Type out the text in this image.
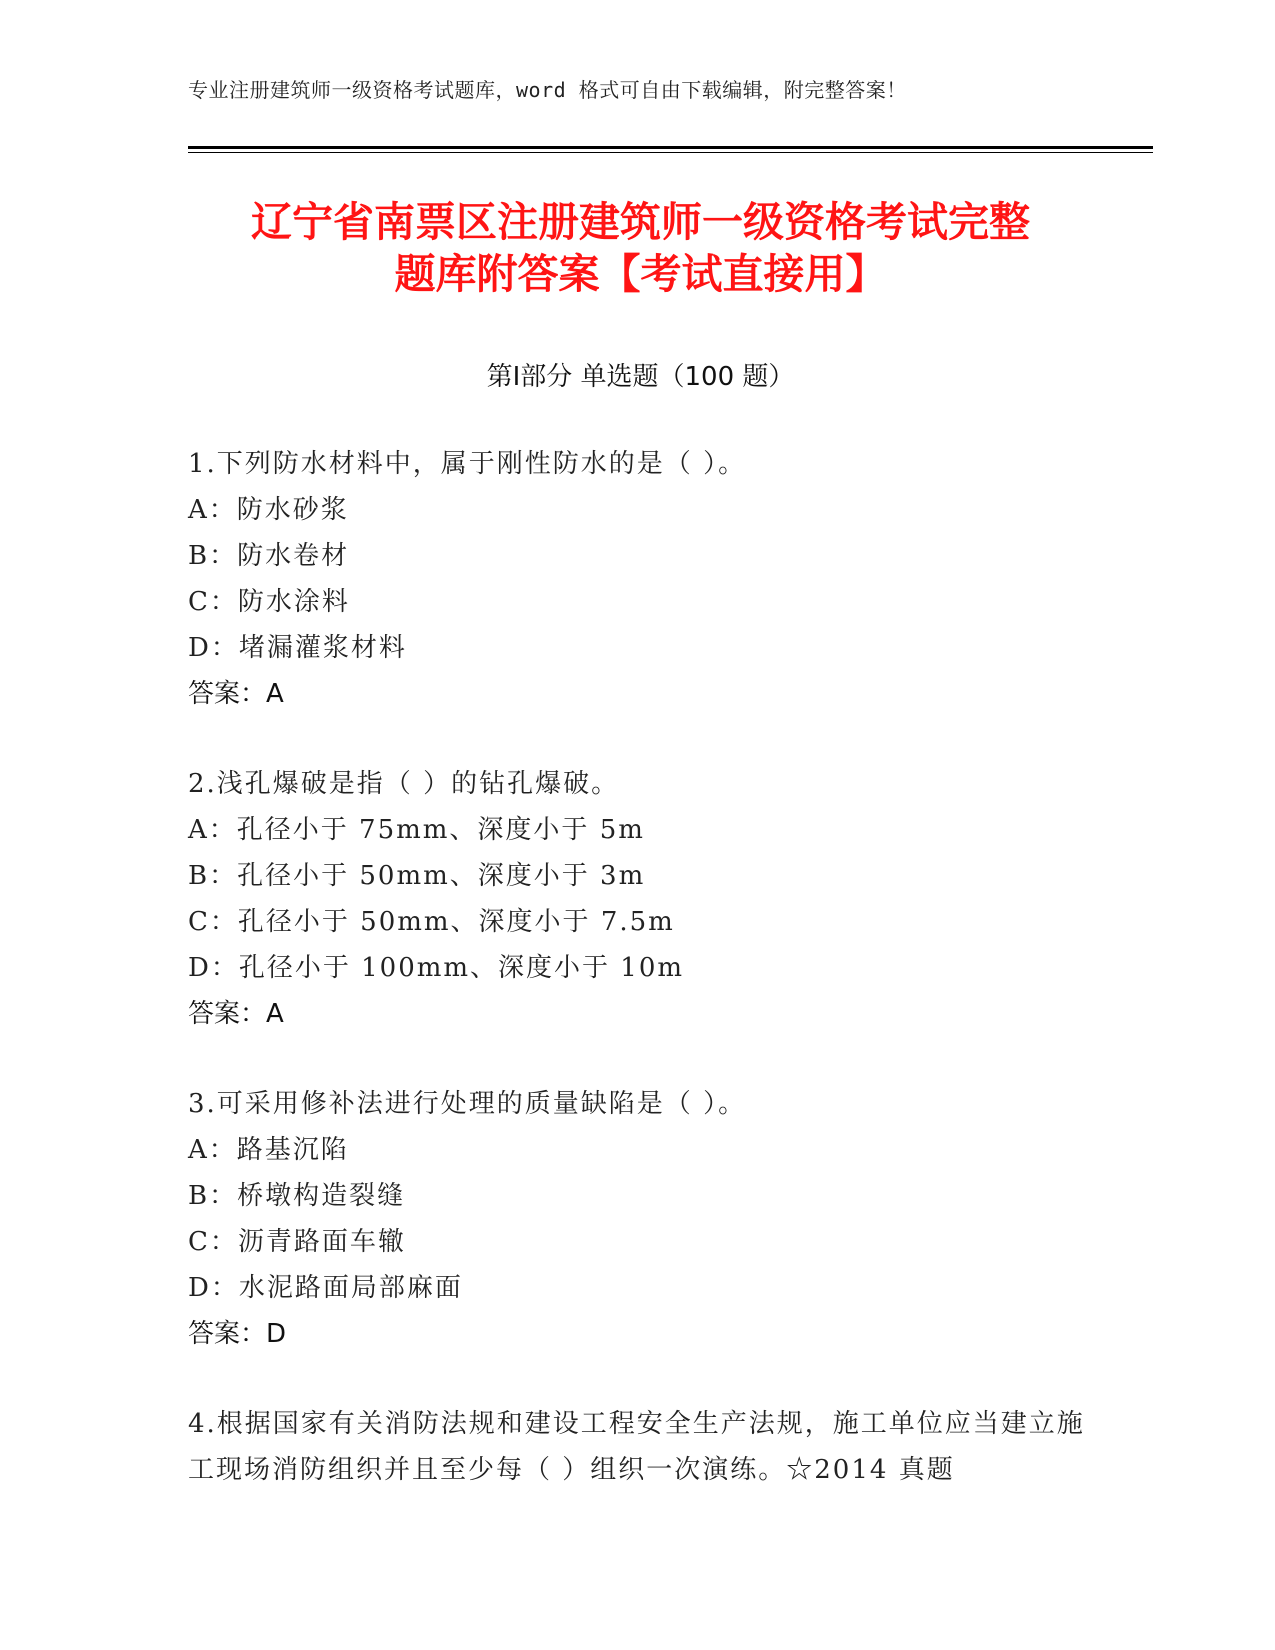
专业注册建筑师一级资格考试题库，word 格式可自由下载编辑，附完整答案！
辽宁省南票区注册建筑师一级资格考试完整
题库附答案【考试直接用】
第Ⅰ部分 单选题（100 题）
1.下列防水材料中，属于刚性防水的是（ ）。
A：防水砂浆
B：防水卷材
C：防水涂料
D：堵漏灌浆材料
答案：A
2.浅孔爆破是指（ ）的钻孔爆破。
A：孔径小于 75mm、深度小于 5m
B：孔径小于 50mm、深度小于 3m
C：孔径小于 50mm、深度小于 7.5m
D：孔径小于 100mm、深度小于 10m
答案：A
3.可采用修补法进行处理的质量缺陷是（ ）。
A：路基沉陷
B：桥墩构造裂缝
C：沥青路面车辙
D：水泥路面局部麻面
答案：D
4.根据国家有关消防法规和建设工程安全生产法规，施工单位应当建立施工现场消防组织并且至少每（ ）组织一次演练。☆2014 真题
